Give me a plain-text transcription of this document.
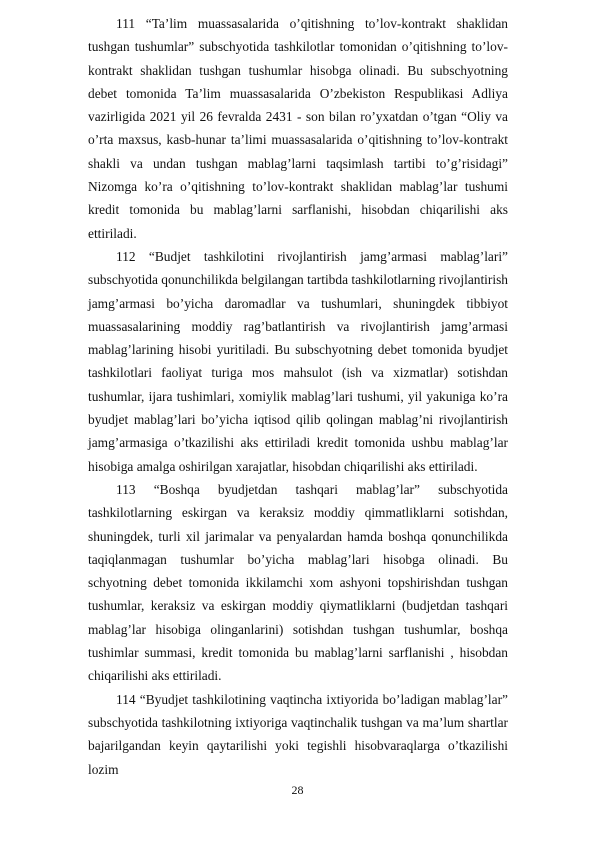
111 “Ta’lim muassasalarida o’qitishning to’lov-kontrakt shaklidan tushgan tushumlar” subschyotida tashkilotlar tomonidan o’qitishning to’lov- kontrakt shaklidan tushgan tushumlar hisobga olinadi. Bu subschyotning debet tomonida Ta’lim muassasalarida O’zbekiston Respublikasi Adliya vazirligida 2021 yil 26 fevralda 2431 - son bilan ro’yxatdan o’tgan “Oliy va o’rta maxsus, kasb-hunar ta’limi muassasalarida o’qitishning to’lov-kontrakt shakli va undan tushgan mablag’larni taqsimlash tartibi to’g’risidagi” Nizomga ko’ra o’qitishning to’lov-kontrakt shaklidan mablag’lar tushumi kredit tomonida bu mablag’larni sarflanishi, hisobdan chiqarilishi aks ettiriladi.

112 “Budjet tashkilotini rivojlantirish jamg’armasi mablag’lari” subschyotida qonunchilikda belgilangan tartibda tashkilotlarning rivojlantirish jamg’armasi bo’yicha daromadlar va tushumlari, shuningdek tibbiyot muassasalarining moddiy rag’batlantirish va rivojlantirish jamg’armasi mablag’larining hisobi yuritiladi. Bu subschyotning debet tomonida byudjet tashkilotlari faoliyat turiga mos mahsulot (ish va xizmatlar) sotishdan tushumlar, ijara tushimlari, xomiylik mablag’lari tushumi, yil yakuniga ko’ra byudjet mablag’lari bo’yicha iqtisod qilib qolingan mablag’ni rivojlantirish jamg’armasiga o’tkazilishi aks ettiriladi kredit tomonida ushbu mablag’lar hisobiga amalga oshirilgan xarajatlar, hisobdan chiqarilishi aks ettiriladi.

113 “Boshqa byudjetdan tashqari mablag’lar” subschyotida tashkilotlarning eskirgan va keraksiz moddiy qimmatliklarni sotishdan, shuningdek, turli xil jarimalar va penyalardan hamda boshqa qonunchilikda taqiqlanmagan tushumlar bo’yicha mablag’lari hisobga olinadi. Bu schyotning debet tomonida ikkilamchi xom ashyoni topshirishdan tushgan tushumlar, keraksiz va eskirgan moddiy qiymatliklarni (budjetdan tashqari mablag’lar hisobiga olinganlarini) sotishdan tushgan tushumlar, boshqa tushimlar summasi, kredit tomonida bu mablag’larni sarflanishi , hisobdan chiqarilishi aks ettiriladi.

114 “Byudjet tashkilotining vaqtincha ixtiyorida bo’ladigan mablag’lar” subschyotida tashkilotning ixtiyoriga vaqtinchalik tushgan va ma’lum shartlar bajarilgandan keyin qaytarilishi yoki tegishli hisobvaraqlarga o’tkazilishi lozim

28
